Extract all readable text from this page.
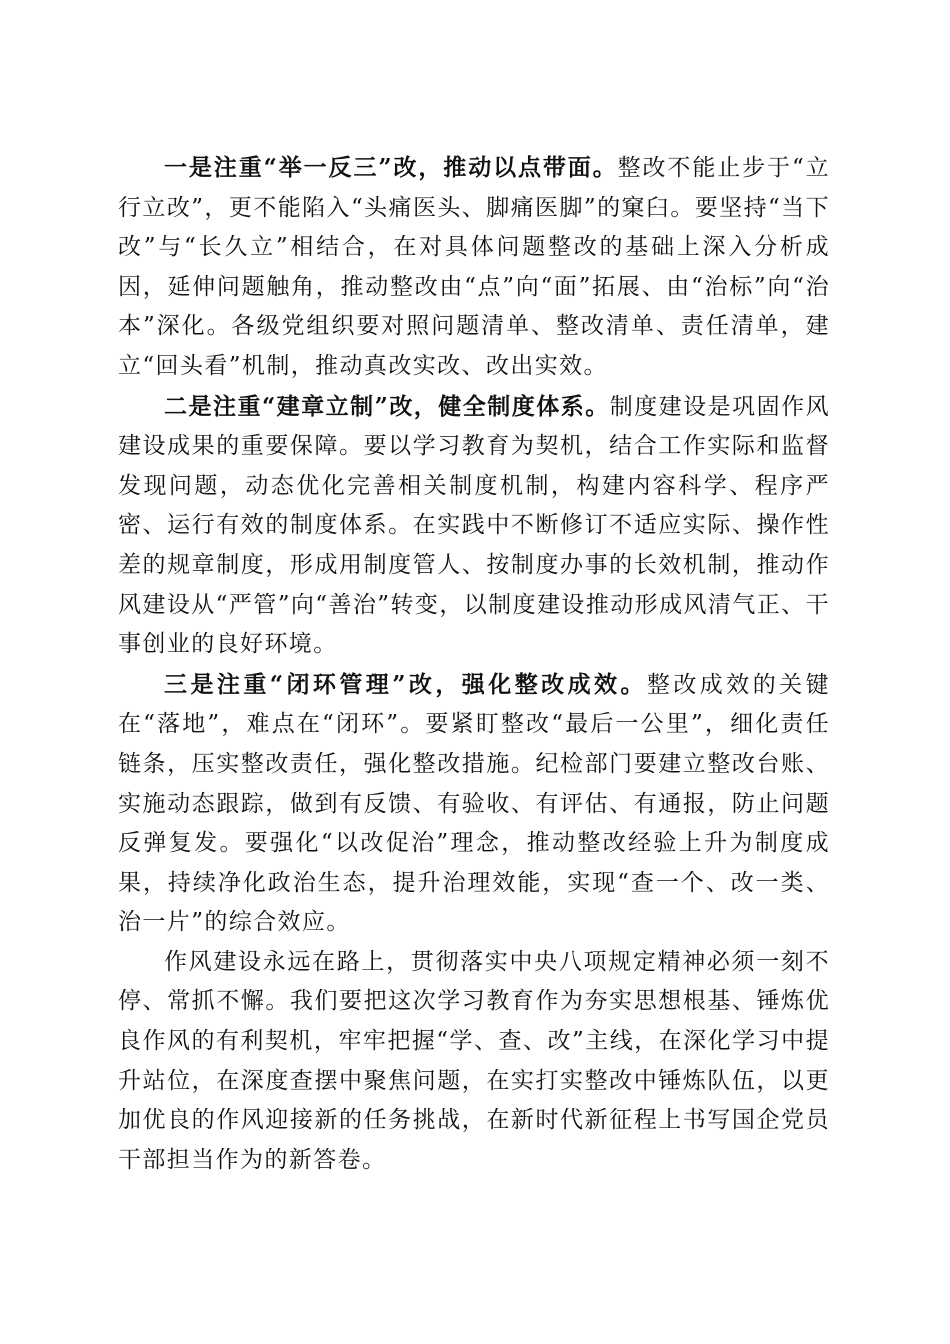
一是注重“举一反三”改，推动以点带面。整改不能止步于“立行立改”，更不能陷入“头痛医头、脚痛医脚”的窠臼。要坚持“当下改”与“长久立”相结合，在对具体问题整改的基础上深入分析成因，延伸问题触角，推动整改由“点”向“面”拓展、由“治标”向“治本”深化。各级党组织要对照问题清单、整改清单、责任清单，建立“回头看”机制，推动真改实改、改出实效。

二是注重“建章立制”改，健全制度体系。制度建设是巩固作风建设成果的重要保障。要以学习教育为契机，结合工作实际和监督发现问题，动态优化完善相关制度机制，构建内容科学、程序严密、运行有效的制度体系。在实践中不断修订不适应实际、操作性差的规章制度，形成用制度管人、按制度办事的长效机制，推动作风建设从“严管”向“善治”转变，以制度建设推动形成风清气正、干事创业的良好环境。

三是注重“闭环管理”改，强化整改成效。整改成效的关键在“落地”，难点在“闭环”。要紧盯整改“最后一公里”，细化责任链条，压实整改责任，强化整改措施。纪检部门要建立整改台账、实施动态跟踪，做到有反馈、有验收、有评估、有通报，防止问题反弹复发。要强化“以改促治”理念，推动整改经验上升为制度成果，持续净化政治生态，提升治理效能，实现“查一个、改一类、治一片”的综合效应。

作风建设永远在路上，贯彻落实中央八项规定精神必须一刻不停、常抓不懈。我们要把这次学习教育作为夯实思想根基、锤炼优良作风的有利契机，牢牢把握“学、查、改”主线，在深化学习中提升站位，在深度查摆中聚焦问题，在实打实整改中锤炼队伍，以更加优良的作风迎接新的任务挑战，在新时代新征程上书写国企党员干部担当作为的新答卷。
